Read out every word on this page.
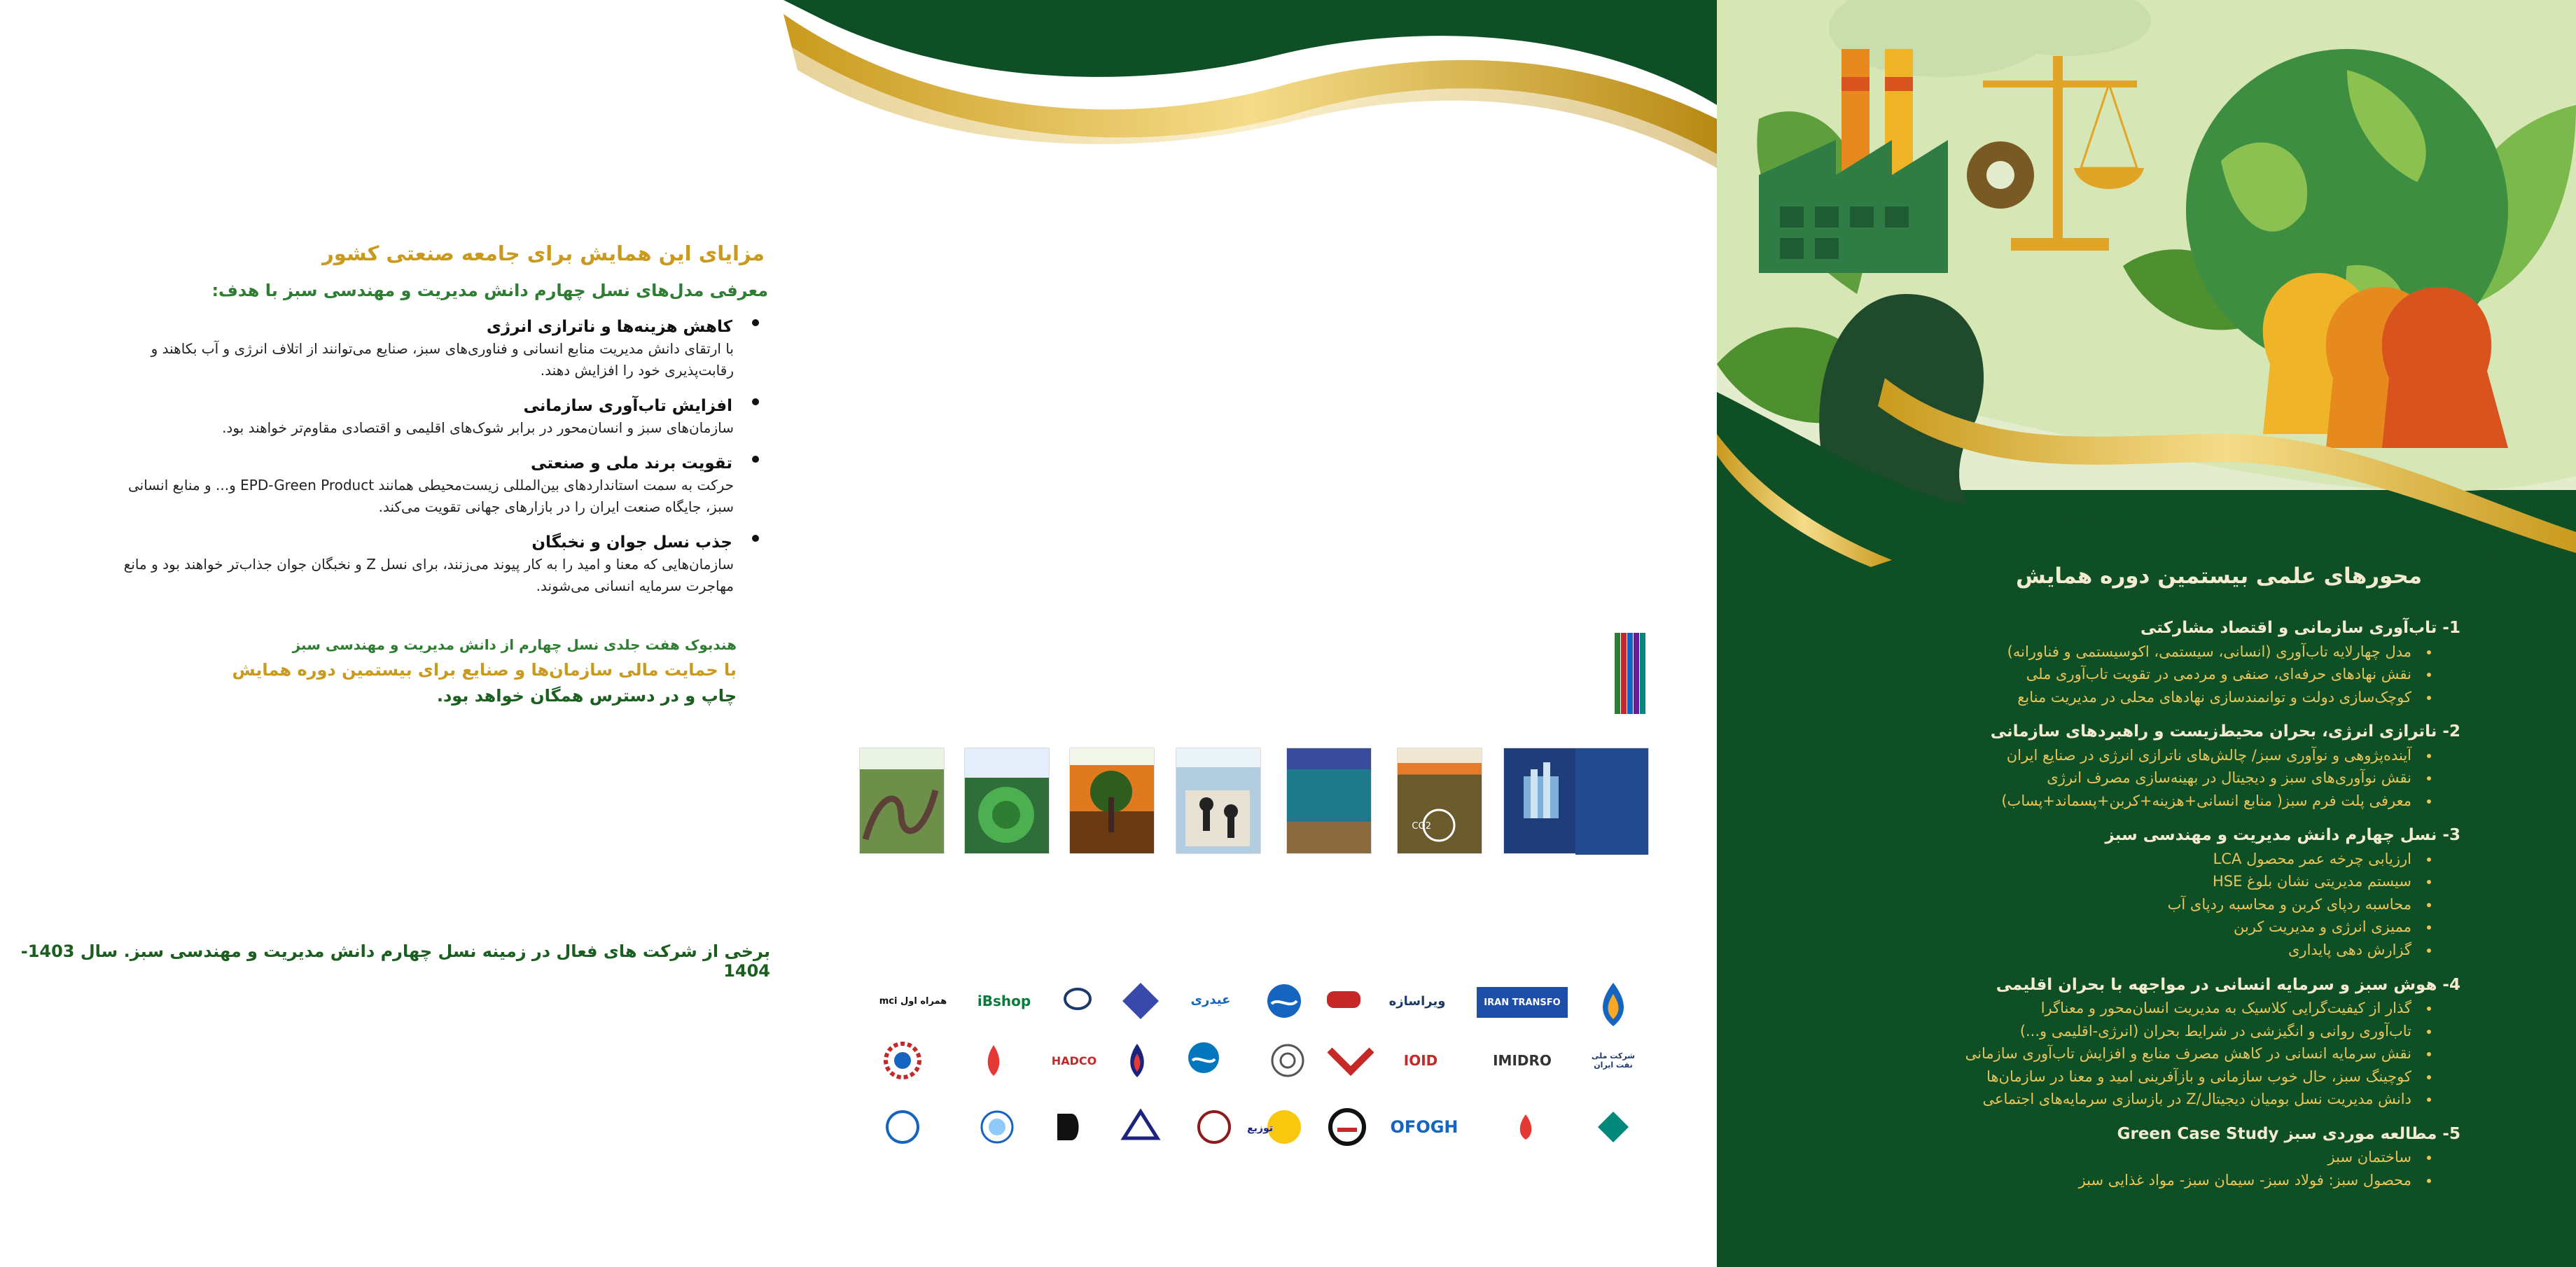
مزایای این همایش برای جامعه صنعتی کشور
معرفی مدل‌های نسل چهارم دانش مدیریت و مهندسی سبز با هدف:
کاهش هزینه‌ها و ناترازی انرژی
با ارتقای دانش مدیریت منابع انسانی و فناوری‌های سبز، صنایع می‌توانند از اتلاف انرژی و آب بکاهند و رقابت‌پذیری خود را افزایش دهند.
افزایش تاب‌آوری سازمانی
سازمان‌های سبز و انسان‌محور در برابر شوک‌های اقلیمی و اقتصادی مقاوم‌تر خواهند بود.
تقویت برند ملی و صنعتی
حرکت به سمت استانداردهای بین‌المللی زیست‌محیطی همانند EPD-Green Product و... و منابع انسانی سبز، جایگاه صنعت ایران را در بازارهای جهانی تقویت می‌کند.
جذب نسل جوان و نخبگان
سازمان‌هایی که معنا و امید را به کار پیوند می‌زنند، برای نسل Z و نخبگان جوان جذاب‌تر خواهند بود و مانع مهاجرت سرمایه انسانی می‌شوند.
هندبوک هفت جلدی نسل چهارم از دانش مدیریت و مهندسی سبز
با حمایت مالی سازمان‌ها و صنایع برای بیستمین دوره همایش
چاپ و در دسترس همگان خواهد بود.
CO2
برخی از شرکت های فعال در زمینه نسل چهارم دانش مدیریت و مهندسی سبز. سال 1403-1404
همراه اول mci	iBshop	عیدری	ویراسازه	IRAN TRANSFO
HADCO	IOID	IMIDRO	شرکت ملی نفت ایران
توزیع	OFOGH
محورهای علمی بیستمین دوره همایش
1- تاب‌آوری سازمانی و اقتصاد مشارکتی
مدل چهارلایه تاب‌آوری (انسانی، سیستمی، اکوسیستمی و فناورانه)
نقش نهادهای حرفه‌ای، صنفی و مردمی در تقویت تاب‌آوری ملی
کوچک‌سازی دولت و توانمندسازی نهادهای محلی در مدیریت منابع
2- ناترازی انرژی، بحران محیط‌زیست و راهبردهای سازمانی
آینده‌پژوهی و نوآوری سبز/ چالش‌های ناترازی انرژی در صنایع ایران
نقش نوآوری‌های سبز و دیجیتال در بهینه‌سازی مصرف انرژی
معرفی پلت فرم سبز( منابع انسانی+هزینه+کربن+پسماند+پساب)
3- نسل چهارم دانش مدیریت و مهندسی سبز
ارزیابی چرخه عمر محصول LCA
سیستم مدیریتی نشان بلوغ HSE
محاسبه ردپای کربن و محاسبه ردپای آب
ممیزی انرژی و مدیریت کربن
گزارش دهی پایداری
4- هوش سبز و سرمایه انسانی در مواجهه با بحران اقلیمی
گذار از کیفیت‌گرایی کلاسیک به مدیریت انسان‌محور و معناگرا
تاب‌آوری روانی و انگیزشی در شرایط بحران (انرژی-اقلیمی و...)
نقش سرمایه انسانی در کاهش مصرف منابع و افزایش تاب‌آوری سازمانی
کوچینگ سبز، حال خوب سازمانی و بازآفرینی امید و معنا در سازمان‌ها
دانش مدیریت نسل بومیان دیجیتال/Z در بازسازی سرمایه‌های اجتماعی
5- مطالعه موردی سبز Green Case Study
ساختمان سبز
محصول سبز: فولاد سبز- سیمان سبز- مواد غذایی سبز
